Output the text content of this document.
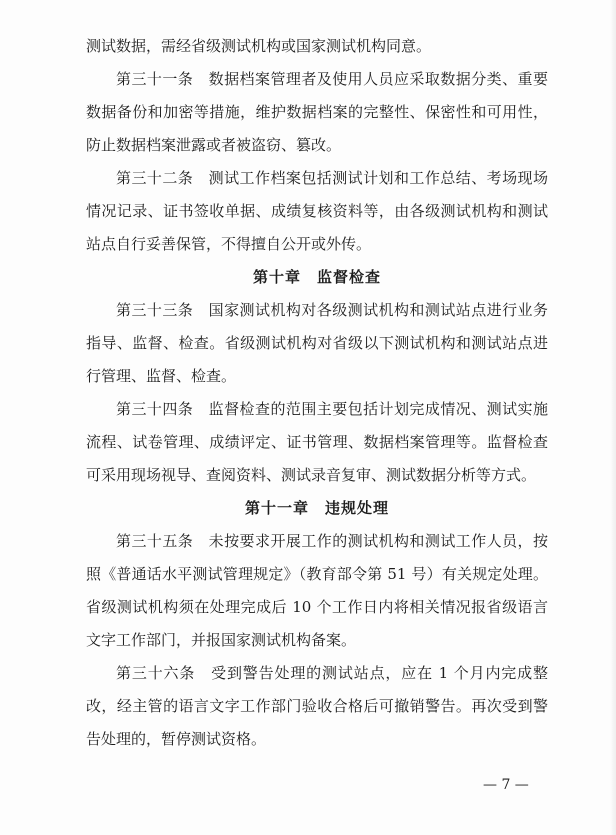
测试数据，需经省级测试机构或国家测试机构同意。

第三十一条　数据档案管理者及使用人员应采取数据分类、重要数据备份和加密等措施，维护数据档案的完整性、保密性和可用性，防止数据档案泄露或者被盗窃、篡改。

第三十二条　测试工作档案包括测试计划和工作总结、考场现场情况记录、证书签收单据、成绩复核资料等，由各级测试机构和测试站点自行妥善保管，不得擅自公开或外传。

第十章　监督检查

第三十三条　国家测试机构对各级测试机构和测试站点进行业务指导、监督、检查。省级测试机构对省级以下测试机构和测试站点进行管理、监督、检查。

第三十四条　监督检查的范围主要包括计划完成情况、测试实施流程、试卷管理、成绩评定、证书管理、数据档案管理等。监督检查可采用现场视导、查阅资料、测试录音复审、测试数据分析等方式。

第十一章　违规处理

第三十五条　未按要求开展工作的测试机构和测试工作人员，按照《普通话水平测试管理规定》（教育部令第 51 号）有关规定处理。省级测试机构须在处理完成后 10 个工作日内将相关情况报省级语言文字工作部门，并报国家测试机构备案。

第三十六条　受到警告处理的测试站点，应在 1 个月内完成整改，经主管的语言文字工作部门验收合格后可撤销警告。再次受到警告处理的，暂停测试资格。

— 7 —
